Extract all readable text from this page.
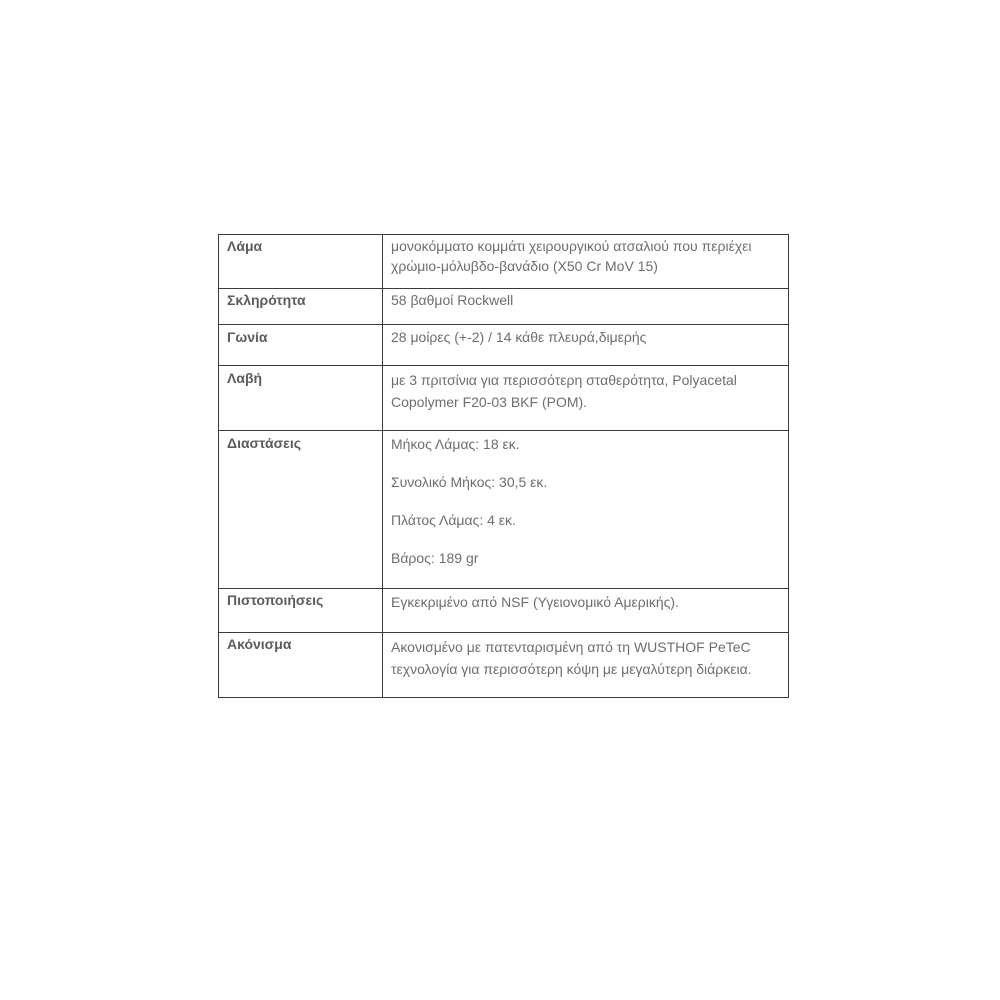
Λάμα	μονοκόμματο κομμάτι χειρουργικού ατσαλιού που περιέχει χρώμιο-μόλυβδο-βανάδιο (X50 Cr MoV 15)
Σκληρότητα	58 βαθμοί Rockwell
Γωνία	28 μοίρες (+-2) / 14 κάθε πλευρά,διμερής
Λαβή	με 3 πριτσίνια για περισσότερη σταθερότητα, Polyacetal Copolymer F20-03 BKF (POM).
Διαστάσεις	Μήκος Λάμας: 18 εκ.

Συνολικό Μήκος: 30,5 εκ.

Πλάτος Λάμας: 4 εκ.

Βάρος: 189 gr

Πιστοποιήσεις	Εγκεκριμένο από NSF (Υγειονομικό Αμερικής).
Ακόνισμα	Ακονισμένο με πατενταρισμένη από τη WUSTHOF PeTeC τεχνολογία για περισσότερη κόψη με μεγαλύτερη διάρκεια.
